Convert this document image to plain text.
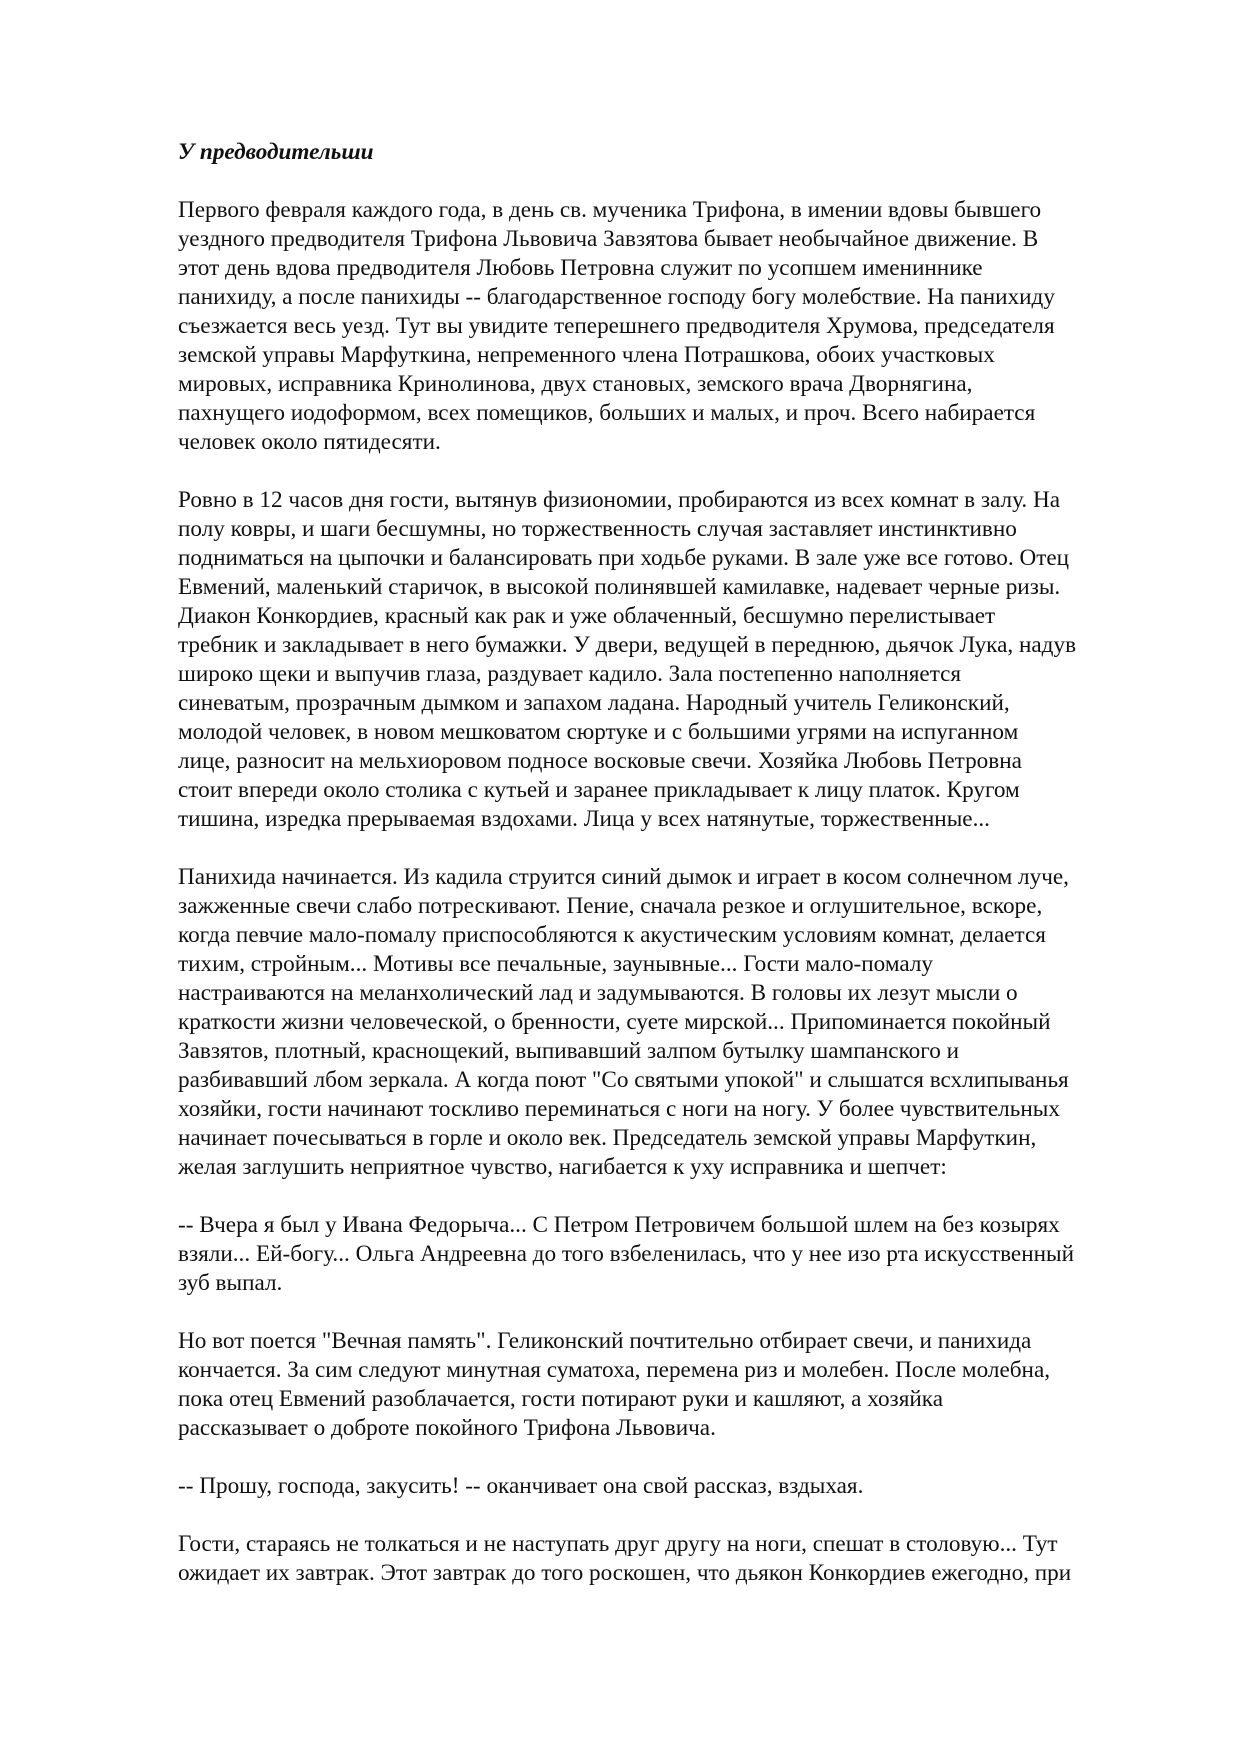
У предводительши
Первого февраля каждого года, в день св. мученика Трифона, в имении вдовы бывшего
уездного предводителя Трифона Львовича Завзятова бывает необычайное движение. В
этот день вдова предводителя Любовь Петровна служит по усопшем имениннике
панихиду, а после панихиды -- благодарственное господу богу молебствие. На панихиду
съезжается весь уезд. Тут вы увидите теперешнего предводителя Хрумова, председателя
земской управы Марфуткина, непременного члена Потрашкова, обоих участковых
мировых, исправника Кринолинова, двух становых, земского врача Дворнягина,
пахнущего иодоформом, всех помещиков, больших и малых, и проч. Всего набирается
человек около пятидесяти.
Ровно в 12 часов дня гости, вытянув физиономии, пробираются из всех комнат в залу. На
полу ковры, и шаги бесшумны, но торжественность случая заставляет инстинктивно
подниматься на цыпочки и балансировать при ходьбе руками. В зале уже все готово. Отец
Евмений, маленький старичок, в высокой полинявшей камилавке, надевает черные ризы.
Диакон Конкордиев, красный как рак и уже облаченный, бесшумно перелистывает
требник и закладывает в него бумажки. У двери, ведущей в переднюю, дьячок Лука, надув
широко щеки и выпучив глаза, раздувает кадило. Зала постепенно наполняется
синеватым, прозрачным дымком и запахом ладана. Народный учитель Геликонский,
молодой человек, в новом мешковатом сюртуке и с большими угрями на испуганном
лице, разносит на мельхиоровом подносе восковые свечи. Хозяйка Любовь Петровна
стоит впереди около столика с кутьей и заранее прикладывает к лицу платок. Кругом
тишина, изредка прерываемая вздохами. Лица у всех натянутые, торжественные...
Панихида начинается. Из кадила струится синий дымок и играет в косом солнечном луче,
зажженные свечи слабо потрескивают. Пение, сначала резкое и оглушительное, вскоре,
когда певчие мало-помалу приспособляются к акустическим условиям комнат, делается
тихим, стройным... Мотивы все печальные, заунывные... Гости мало-помалу
настраиваются на меланхолический лад и задумываются. В головы их лезут мысли о
краткости жизни человеческой, о бренности, суете мирской... Припоминается покойный
Завзятов, плотный, краснощекий, выпивавший залпом бутылку шампанского и
разбивавший лбом зеркала. А когда поют "Со святыми упокой" и слышатся всхлипыванья
хозяйки, гости начинают тоскливо переминаться с ноги на ногу. У более чувствительных
начинает почесываться в горле и около век. Председатель земской управы Марфуткин,
желая заглушить неприятное чувство, нагибается к уху исправника и шепчет:
-- Вчера я был у Ивана Федорыча... С Петром Петровичем большой шлем на без козырях
взяли... Ей-богу... Ольга Андреевна до того взбеленилась, что у нее изо рта искусственный
зуб выпал.
Но вот поется "Вечная память". Геликонский почтительно отбирает свечи, и панихида
кончается. За сим следуют минутная суматоха, перемена риз и молебен. После молебна,
пока отец Евмений разоблачается, гости потирают руки и кашляют, а хозяйка
рассказывает о доброте покойного Трифона Львовича.
-- Прошу, господа, закусить! -- оканчивает она свой рассказ, вздыхая.
Гости, стараясь не толкаться и не наступать друг другу на ноги, спешат в столовую... Тут
ожидает их завтрак. Этот завтрак до того роскошен, что дьякон Конкордиев ежегодно, при
